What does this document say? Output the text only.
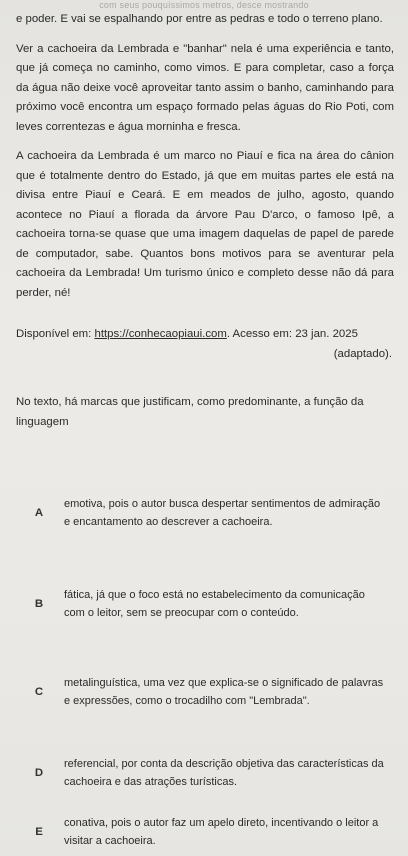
com seus pouquíssimos metros, desce mostrando

e poder. E vai se espalhando por entre as pedras e todo o terreno plano.

Ver a cachoeira da Lembrada e "banhar" nela é uma experiência e tanto, que já começa no caminho, como vimos. E para completar, caso a força da água não deixe você aproveitar tanto assim o banho, caminhando para próximo você encontra um espaço formado pelas águas do Rio Poti, com leves correntezas e água morninha e fresca.

A cachoeira da Lembrada é um marco no Piauí e fica na área do cânion que é totalmente dentro do Estado, já que em muitas partes ele está na divisa entre Piauí e Ceará. E em meados de julho, agosto, quando acontece no Piauí a florada da árvore Pau D'arco, o famoso Ipê, a cachoeira torna-se quase que uma imagem daquelas de papel de parede de computador, sabe. Quantos bons motivos para se aventurar pela cachoeira da Lembrada! Um turismo único e completo desse não dá para perder, né!

Disponível em: https://conhecaopiaui.com. Acesso em: 23 jan. 2025
(adaptado).
No texto, há marcas que justificam, como predominante, a função da linguagem
A
emotiva, pois o autor busca despertar sentimentos de admiração e encantamento ao descrever a cachoeira.
B
fática, já que o foco está no estabelecimento da comunicação com o leitor, sem se preocupar com o conteúdo.
C
metalinguística, uma vez que explica-se o significado de palavras e expressões, como o trocadilho com "Lembrada".
D
referencial, por conta da descrição objetiva das características da cachoeira e das atrações turísticas.
E
conativa, pois o autor faz um apelo direto, incentivando o leitor a visitar a cachoeira.
